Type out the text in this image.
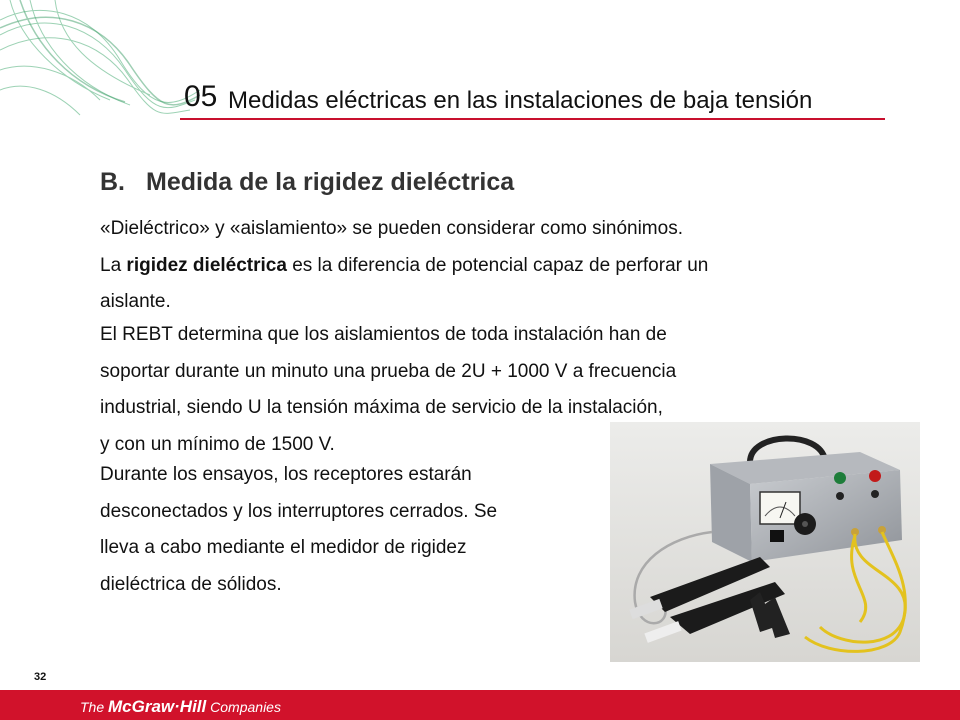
05 Medidas eléctricas en las instalaciones de baja tensión
B. Medida de la rigidez dieléctrica
«Dieléctrico» y «aislamiento» se pueden considerar como sinónimos.
La rigidez dieléctrica es la diferencia de potencial capaz de perforar un
aislante.
El REBT determina que los aislamientos de toda instalación han de
soportar durante un minuto una prueba de 2U + 1000 V a frecuencia
industrial, siendo U la tensión máxima de servicio de la instalación,
y con un mínimo de 1500 V.
Durante los ensayos, los receptores estarán
desconectados y los interruptores cerrados. Se
lleva a cabo mediante el medidor de rigidez
dieléctrica de sólidos.
32
The McGraw·Hill Companies
